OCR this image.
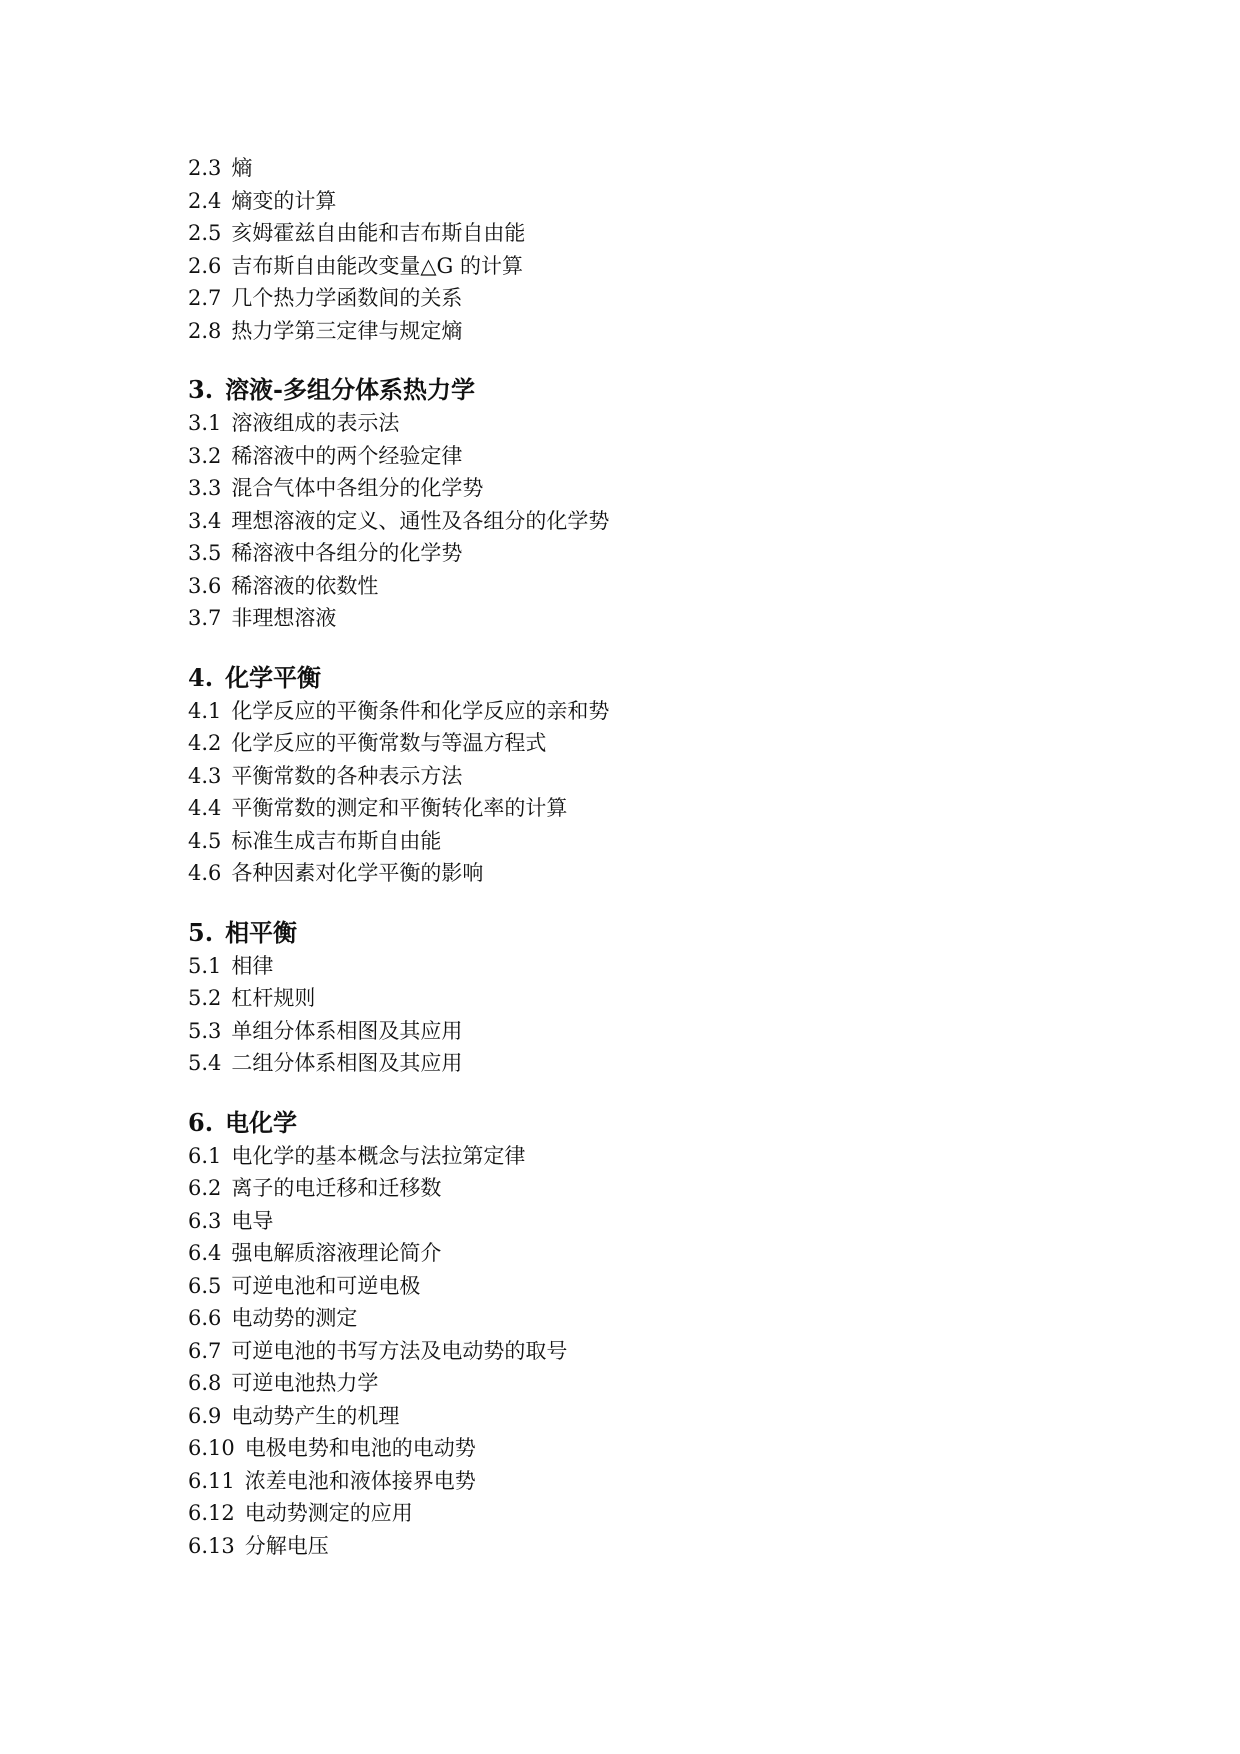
2.3 熵
2.4 熵变的计算
2.5 亥姆霍兹自由能和吉布斯自由能
2.6 吉布斯自由能改变量△G 的计算
2.7 几个热力学函数间的关系
2.8 热力学第三定律与规定熵
3. 溶液-多组分体系热力学
3.1 溶液组成的表示法
3.2 稀溶液中的两个经验定律
3.3 混合气体中各组分的化学势
3.4 理想溶液的定义、通性及各组分的化学势
3.5 稀溶液中各组分的化学势
3.6 稀溶液的依数性
3.7 非理想溶液
4. 化学平衡
4.1 化学反应的平衡条件和化学反应的亲和势
4.2 化学反应的平衡常数与等温方程式
4.3 平衡常数的各种表示方法
4.4 平衡常数的测定和平衡转化率的计算
4.5 标准生成吉布斯自由能
4.6 各种因素对化学平衡的影响
5. 相平衡
5.1 相律
5.2 杠杆规则
5.3 单组分体系相图及其应用
5.4 二组分体系相图及其应用
6. 电化学
6.1 电化学的基本概念与法拉第定律
6.2 离子的电迁移和迁移数
6.3 电导
6.4 强电解质溶液理论简介
6.5 可逆电池和可逆电极
6.6 电动势的测定
6.7 可逆电池的书写方法及电动势的取号
6.8 可逆电池热力学
6.9 电动势产生的机理
6.10 电极电势和电池的电动势
6.11 浓差电池和液体接界电势
6.12 电动势测定的应用
6.13 分解电压
